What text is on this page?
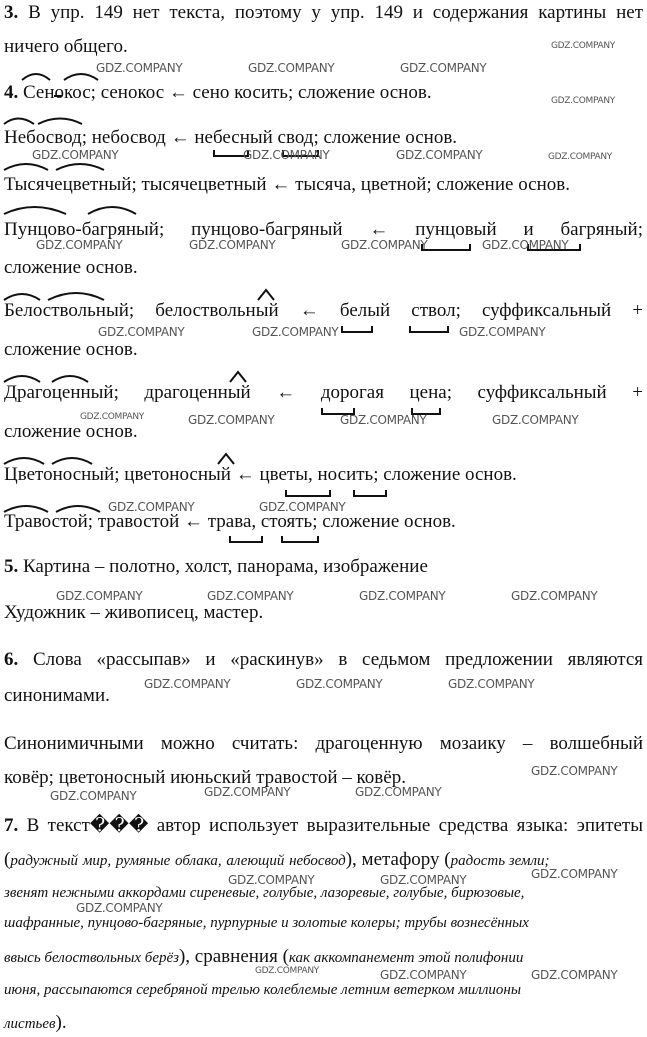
3. В упр. 149 нет текста, поэтому у упр. 149 и содержания картины нет
ничего общего.
4. Сенокос; сенокос ← сено косить; сложение основ.
Небосвод; небосвод ← небесный свод; сложение основ.
Тысячецветный; тысячецветный ← тысяча, цветной; сложение основ.
Пунцово-багряный; пунцово-багряный ← пунцовый и багряный;
сложение основ.
Белоствольный; белоствольный ← белый ствол; суффиксальный +
сложение основ.
Драгоценный; драгоценный ← дорогая цена; суффиксальный +
сложение основ.
Цветоносный; цветоносный ← цветы, носить; сложение основ.
Травостой; травостой ← трава, стоять; сложение основ.
5. Картина – полотно, холст, панорама, изображение
Художник – живописец, мастер.
6. Слова «рассыпав» и «раскинув» в седьмом предложении являются
синонимами.
Синонимичными можно считать: драгоценную мозаику – волшебный
ковёр; цветоносный июньский травостой – ковёр.
7. В текст��� автор использует выразительные средства языка: эпитеты
(радужный мир, румяные облака, алеющий небосвод), метафору (радость земли;
звенят нежными аккордами сиреневые, голубые, лазоревые, голубые, бирюзовые,
шафранные, пунцово-багряные, пурпурные и золотые колеры; трубы вознесённых
ввысь белоствольных берёз), сравнения (как аккомпанемент этой полифонии
июня, рассыпаются серебряной трелью колеблемые летним ветерком миллионы
листьев).
GDZ.COMPANY
GDZ.COMPANY	GDZ.COMPANY	GDZ.COMPANY
GDZ.COMPANY
GDZ.COMPANY	GDZ.COMPANY	GDZ.COMPANY	GDZ.COMPANY
GDZ.COMPANY	GDZ.COMPANY	GDZ.COMPANY	GDZ.COMPANY
GDZ.COMPANY	GDZ.COMPANY	GDZ.COMPANY
GDZ.COMPANY	GDZ.COMPANY	GDZ.COMPANY	GDZ.COMPANY
GDZ.COMPANY	GDZ.COMPANY
GDZ.COMPANY	GDZ.COMPANY	GDZ.COMPANY	GDZ.COMPANY
GDZ.COMPANY	GDZ.COMPANY	GDZ.COMPANY
GDZ.COMPANY
GDZ.COMPANY	GDZ.COMPANY	GDZ.COMPANY
GDZ.COMPANY
GDZ.COMPANY	GDZ.COMPANY
GDZ.COMPANY
GDZ.COMPANY	GDZ.COMPANY	GDZ.COMPANY
